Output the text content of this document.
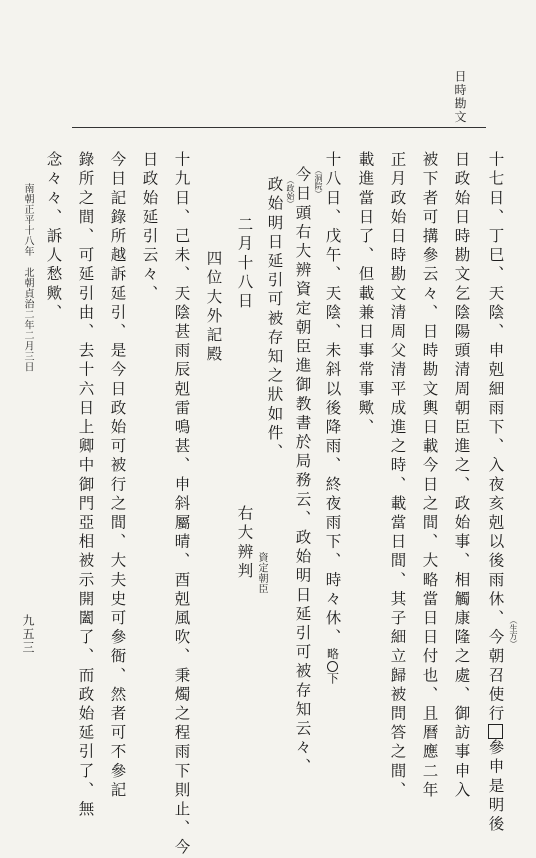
日時勘文
十七日、丁巳、天陰、申剋細雨下、入夜亥剋以後雨休、今朝召使行參申是明後
（生方）
日政始日時勘文乞陰陽頭清周朝臣進之、政始事、相觸康隆之處、御訪事申入
被下者可搆參云々、日時勘文輿日載今日之間、大略當日日付也、且曆應二年
正月政始日時勘文清周父清平成進之時、載當日間、其子細立歸被問答之間、
載進當日了、但載兼日事常事歟、
十八日、戊午、天陰、未斜以後降雨、終夜雨下、時々休、略下
（洞院）
今日頭右大辨資定朝臣進御教書於局務云、政始明日延引可被存知云々、
（政始）
政始明日延引可被存知之狀如件、
二月十八日
右大辨判 資定朝臣
四位大外記殿
十九日、己未、天陰甚雨辰剋雷鳴甚、申斜屬晴、酉剋風吹、秉燭之程雨下則止、今
日政始延引云々、
今日記錄所越訴延引、是今日政始可被行之間、大夫史可參衙、然者可不參記
錄所之間、可延引由、去十六日上卿中御門亞相被示開闔了、而政始延引了、無
念々々、訴人愁歟、
九五三
南朝正平十八年　北朝貞治二年二月三日
